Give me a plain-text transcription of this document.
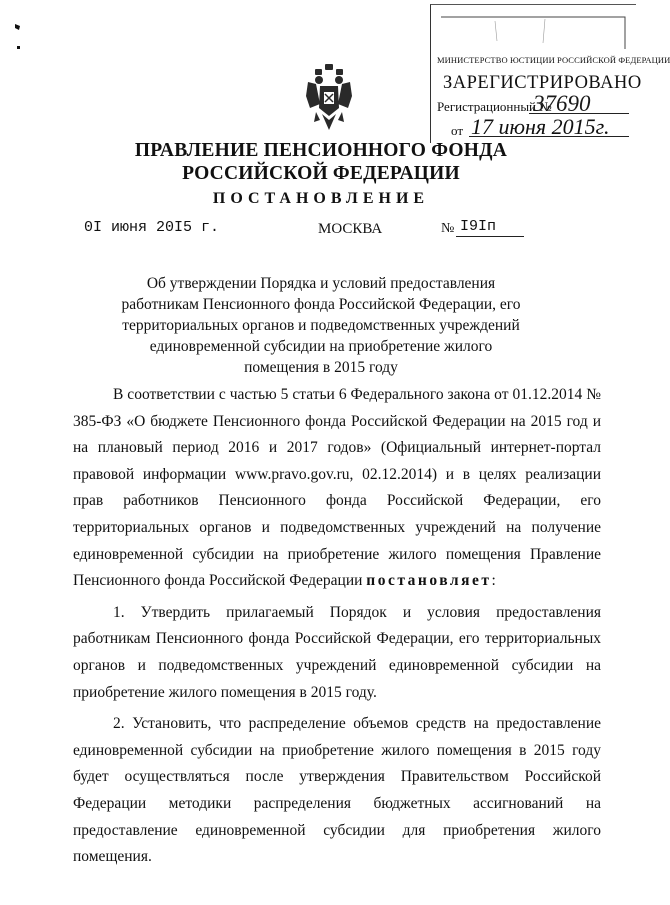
МИНИСТЕРСТВО ЮСТИЦИИ РОССИЙСКОЙ ФЕДЕРАЦИИ
ЗАРЕГИСТРИРОВАНО
Регистрационный №
37690
от 17 июня 2015г.
ПРАВЛЕНИЕ ПЕНСИОННОГО ФОНДА РОССИЙСКОЙ ФЕДЕРАЦИИ
ПОСТАНОВЛЕНИЕ
0I июня 20I5 г.	МОСКВА	№ I9Iп
Об утверждении Порядка и условий предоставления работникам Пенсионного фонда Российской Федерации, его территориальных органов и подведомственных учреждений единовременной субсидии на приобретение жилого помещения в 2015 году

В соответствии с частью 5 статьи 6 Федерального закона от 01.12.2014 № 385-ФЗ «О бюджете Пенсионного фонда Российской Федерации на 2015 год и на плановый период 2016 и 2017 годов» (Официальный интернет-портал правовой информации www.pravo.gov.ru, 02.12.2014) и в целях реализации прав работников Пенсионного фонда Российской Федерации, его территориальных органов и подведомственных учреждений на получение единовременной субсидии на приобретение жилого помещения Правление Пенсионного фонда Российской Федерации постановляет:

1. Утвердить прилагаемый Порядок и условия предоставления работникам Пенсионного фонда Российской Федерации, его территориальных органов и подведомственных учреждений единовременной субсидии на приобретение жилого помещения в 2015 году.

2. Установить, что распределение объемов средств на предоставление единовременной субсидии на приобретение жилого помещения в 2015 году будет осуществляться после утверждения Правительством Российской Федерации методики распределения бюджетных ассигнований на предоставление единовременной субсидии для приобретения жилого помещения.
